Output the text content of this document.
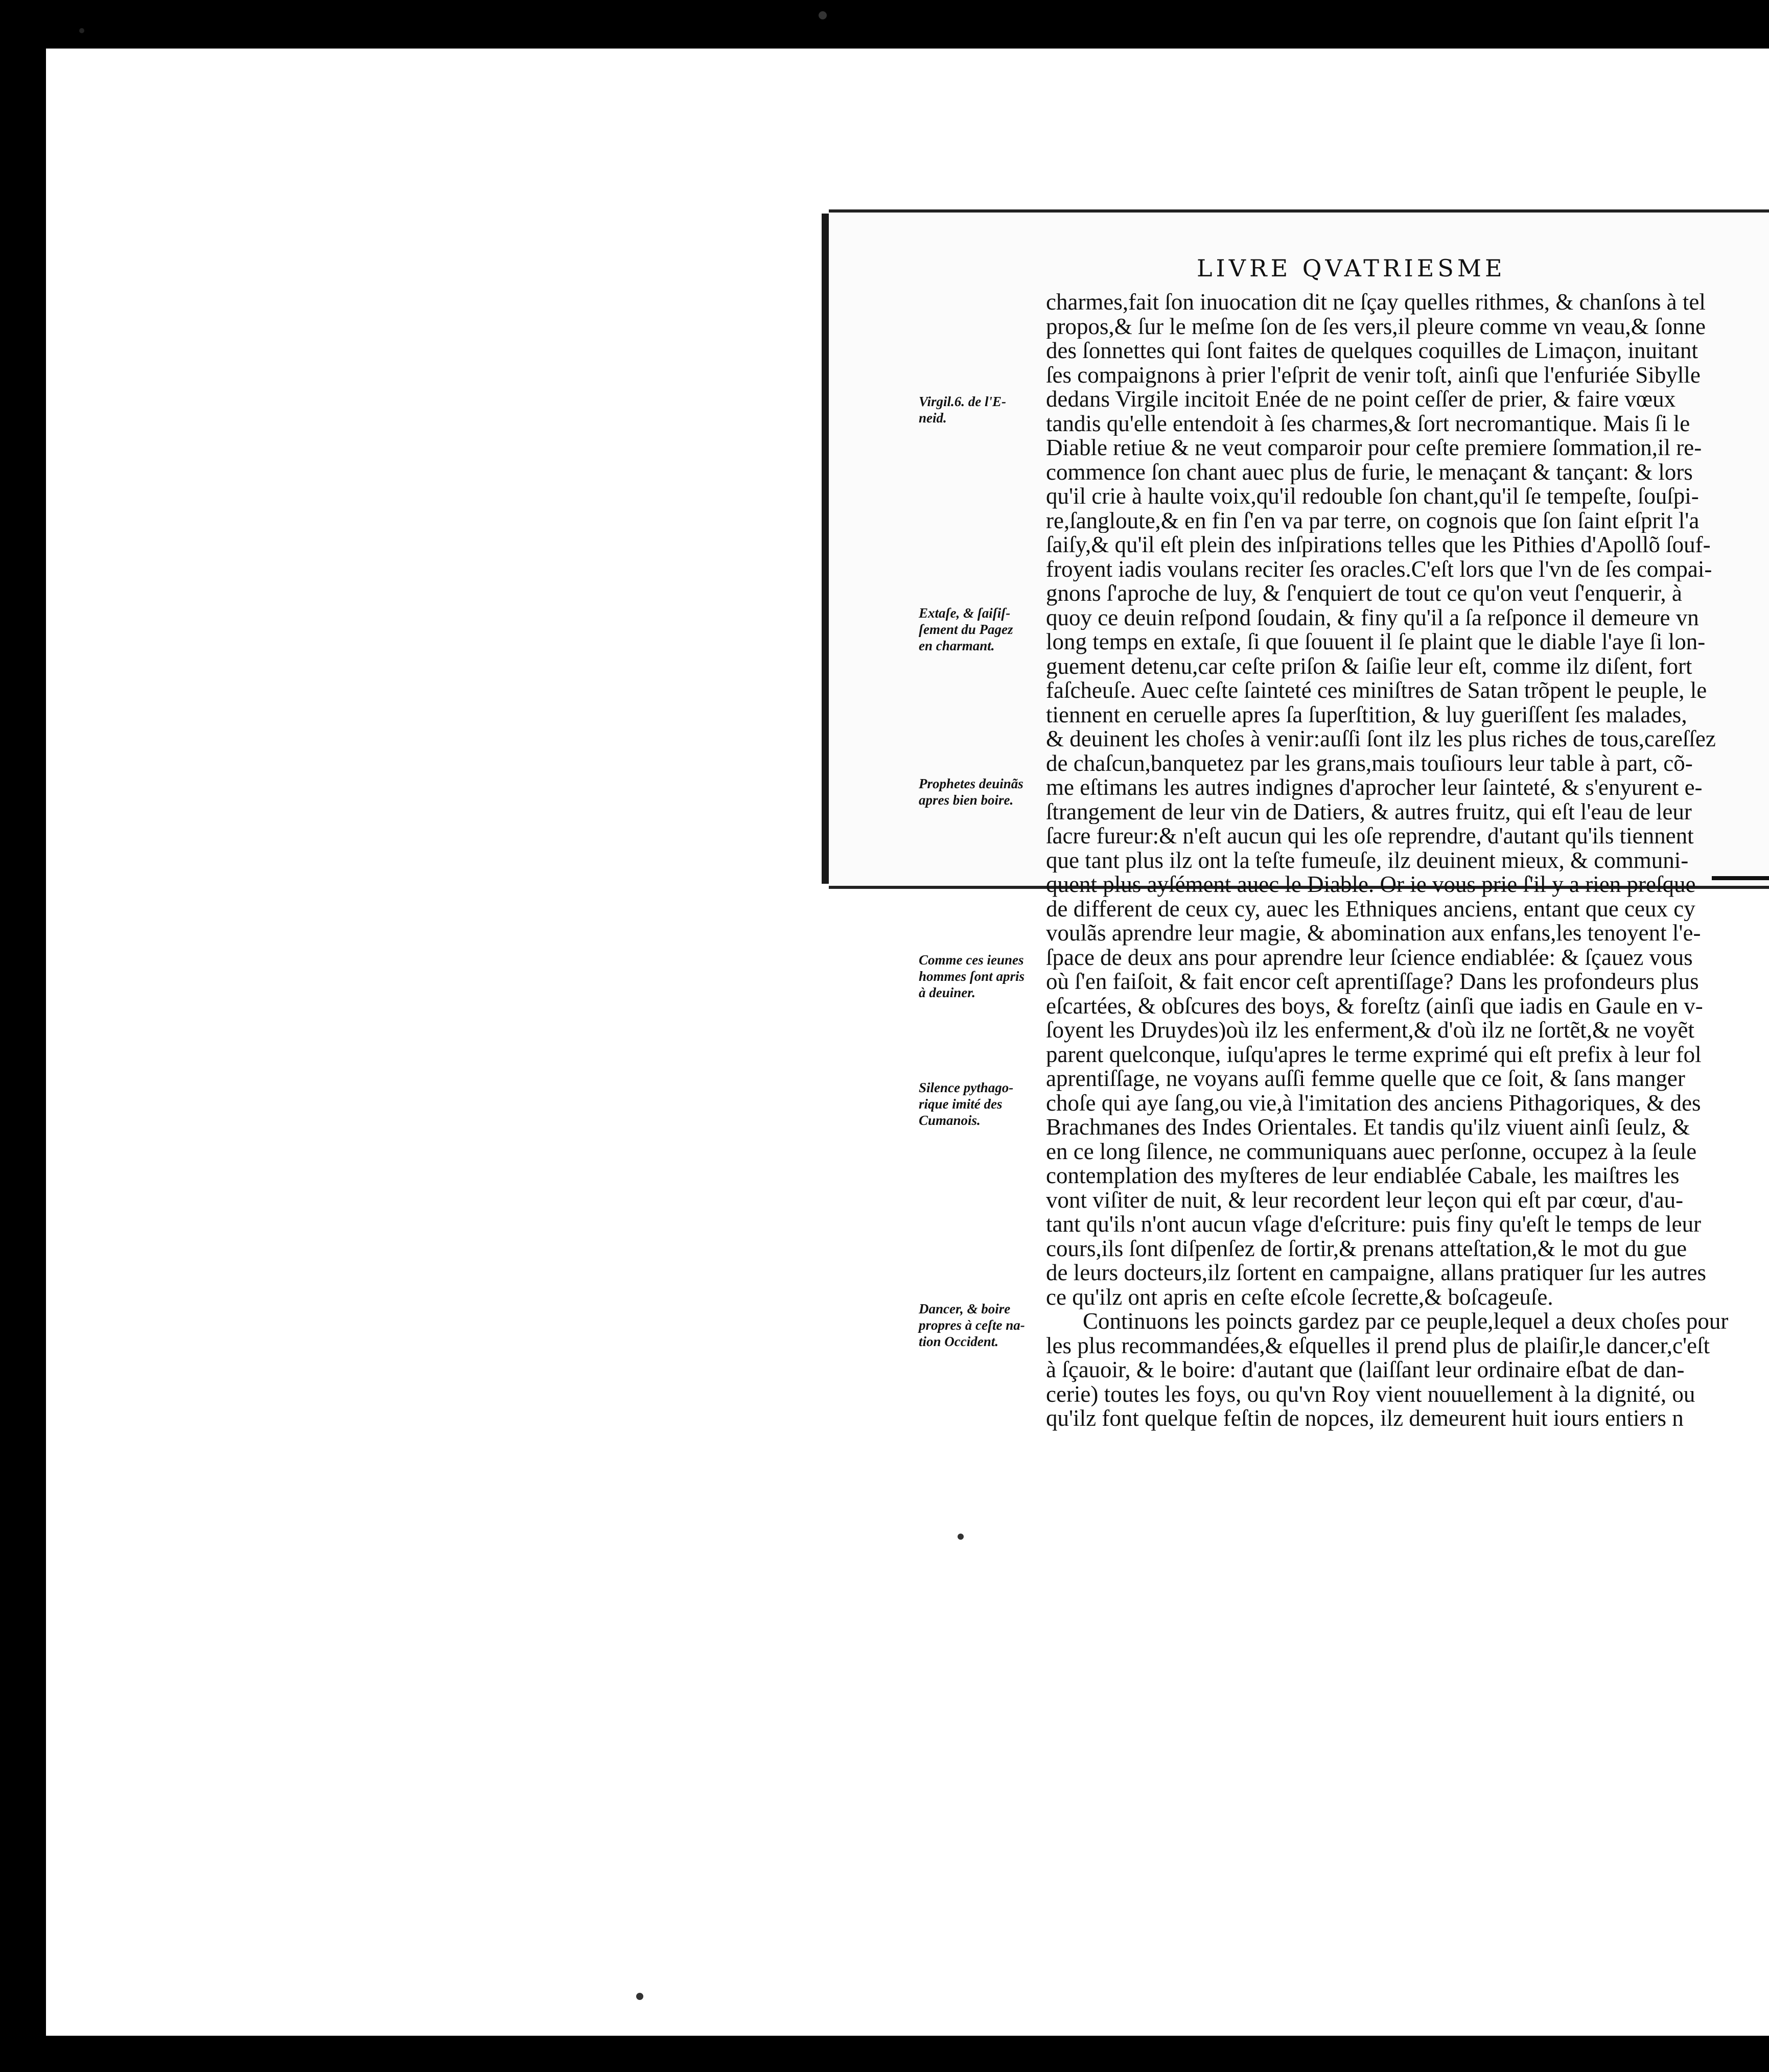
LIVRE QVATRIESME
Virgil.6. de l'E-
neid.
Extaſe, & ſaiſiſ-
ſement du Pagez
en charmant.
Prophetes deuinãs
apres bien boire.
Comme ces ieunes
hommes ſont apris
à deuiner.
Silence pythago-
rique imité des
Cumanois.
Dancer, & boire
propres à ceſte na-
tion Occident.
charmes,fait ſon inuocation dit ne ſçay quelles rithmes, & chanſons à tel
propos,& ſur le meſme ſon de ſes vers,il pleure comme vn veau,& ſonne
des ſonnettes qui ſont faites de quelques coquilles de Limaçon, inuitant
ſes compaignons à prier l'eſprit de venir toſt, ainſi que l'enfuriée Sibylle
dedans Virgile incitoit Enée de ne point ceſſer de prier, & faire vœux
tandis qu'elle entendoit à ſes charmes,& ſort necromantique. Mais ſi le
Diable retiue & ne veut comparoir pour ceſte premiere ſommation,il re-
commence ſon chant auec plus de furie, le menaçant & tançant: & lors
qu'il crie à haulte voix,qu'il redouble ſon chant,qu'il ſe tempeſte, ſouſpi-
re,ſangloute,& en fin ſ'en va par terre, on cognois que ſon ſaint eſprit l'a
ſaiſy,& qu'il eſt plein des inſpirations telles que les Pithies d'Apollõ ſouf-
froyent iadis voulans reciter ſes oracles.C'eſt lors que l'vn de ſes compai-
gnons ſ'aproche de luy, & ſ'enquiert de tout ce qu'on veut ſ'enquerir, à
quoy ce deuin reſpond ſoudain, & finy qu'il a ſa reſponce il demeure vn
long temps en extaſe, ſi que ſouuent il ſe plaint que le diable l'aye ſi lon-
guement detenu,car ceſte priſon & ſaiſie leur eſt, comme ilz diſent, fort
faſcheuſe. Auec ceſte ſainteté ces miniſtres de Satan trõpent le peuple, le
tiennent en ceruelle apres ſa ſuperſtition, & luy gueriſſent ſes malades,
& deuinent les choſes à venir:auſſi ſont ilz les plus riches de tous,careſſez
de chaſcun,banquetez par les grans,mais touſiours leur table à part, cõ-
me eſtimans les autres indignes d'aprocher leur ſainteté, & s'enyurent e-
ſtrangement de leur vin de Datiers, & autres fruitz, qui eſt l'eau de leur
ſacre fureur:& n'eſt aucun qui les oſe reprendre, d'autant qu'ils tiennent
que tant plus ilz ont la teſte fumeuſe, ilz deuinent mieux, & communi-
quent plus ayſément auec le Diable. Or ie vous prie ſ'il y a rien preſque
de different de ceux cy, auec les Ethniques anciens, entant que ceux cy
voulãs aprendre leur magie, & abomination aux enfans,les tenoyent l'e-
ſpace de deux ans pour aprendre leur ſcience endiablée: & ſçauez vous
où ſ'en faiſoit, & fait encor ceſt aprentiſſage? Dans les profondeurs plus
eſcartées, & obſcures des boys, & foreſtz (ainſi que iadis en Gaule en v-
ſoyent les Druydes)où ilz les enferment,& d'où ilz ne ſortẽt,& ne voyẽt
parent quelconque, iuſqu'apres le terme exprimé qui eſt prefix à leur fol
aprentiſſage, ne voyans auſſi femme quelle que ce ſoit, & ſans manger
choſe qui aye ſang,ou vie,à l'imitation des anciens Pithagoriques, & des
Brachmanes des Indes Orientales. Et tandis qu'ilz viuent ainſi ſeulz, &
en ce long ſilence, ne communiquans auec perſonne, occupez à la ſeule
contemplation des myſteres de leur endiablée Cabale, les maiſtres les
vont viſiter de nuit, & leur recordent leur leçon qui eſt par cœur, d'au-
tant qu'ils n'ont aucun vſage d'eſcriture: puis finy qu'eſt le temps de leur
cours,ils ſont diſpenſez de ſortir,& prenans atteſtation,& le mot du gue
de leurs docteurs,ilz ſortent en campaigne, allans pratiquer ſur les autres
ce qu'ilz ont apris en ceſte eſcole ſecrette,& boſcageuſe.
Continuons les poincts gardez par ce peuple,lequel a deux choſes pour
les plus recommandées,& eſquelles il prend plus de plaiſir,le dancer,c'eſt
à ſçauoir, & le boire: d'autant que (laiſſant leur ordinaire eſbat de dan-
cerie) toutes les foys, ou qu'vn Roy vient nouuellement à la dignité, ou
qu'ilz font quelque feſtin de nopces, ilz demeurent huit iours entiers n
